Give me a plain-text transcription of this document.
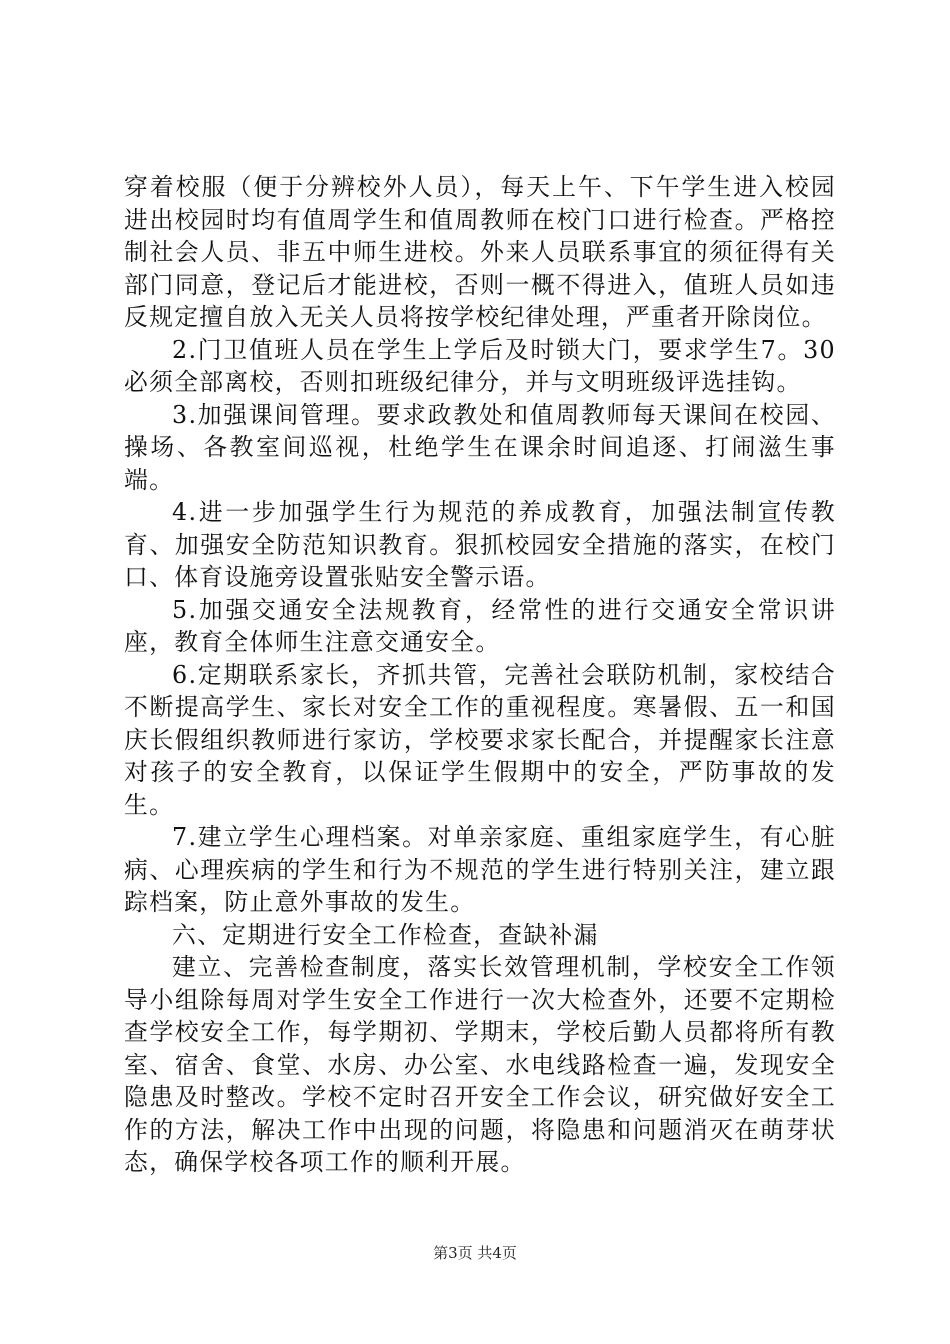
穿着校服（便于分辨校外人员），每天上午、下午学生进入校园进出校园时均有值周学生和值周教师在校门口进行检查。严格控制社会人员、非五中师生进校。外来人员联系事宜的须征得有关部门同意，登记后才能进校，否则一概不得进入，值班人员如违反规定擅自放入无关人员将按学校纪律处理，严重者开除岗位。

2.门卫值班人员在学生上学后及时锁大门，要求学生7。30必须全部离校，否则扣班级纪律分，并与文明班级评选挂钩。

3.加强课间管理。要求政教处和值周教师每天课间在校园、操场、各教室间巡视，杜绝学生在课余时间追逐、打闹滋生事端。

4.进一步加强学生行为规范的养成教育，加强法制宣传教育、加强安全防范知识教育。狠抓校园安全措施的落实，在校门口、体育设施旁设置张贴安全警示语。

5.加强交通安全法规教育，经常性的进行交通安全常识讲座，教育全体师生注意交通安全。

6.定期联系家长，齐抓共管，完善社会联防机制，家校结合不断提高学生、家长对安全工作的重视程度。寒暑假、五一和国庆长假组织教师进行家访，学校要求家长配合，并提醒家长注意对孩子的安全教育，以保证学生假期中的安全，严防事故的发生。

7.建立学生心理档案。对单亲家庭、重组家庭学生，有心脏病、心理疾病的学生和行为不规范的学生进行特别关注，建立跟踪档案，防止意外事故的发生。

六、定期进行安全工作检查，查缺补漏

建立、完善检查制度，落实长效管理机制，学校安全工作领导小组除每周对学生安全工作进行一次大检查外，还要不定期检查学校安全工作，每学期初、学期末，学校后勤人员都将所有教室、宿舍、食堂、水房、办公室、水电线路检查一遍，发现安全隐患及时整改。学校不定时召开安全工作会议，研究做好安全工作的方法，解决工作中出现的问题，将隐患和问题消灭在萌芽状态，确保学校各项工作的顺利开展。

第3页 共4页
